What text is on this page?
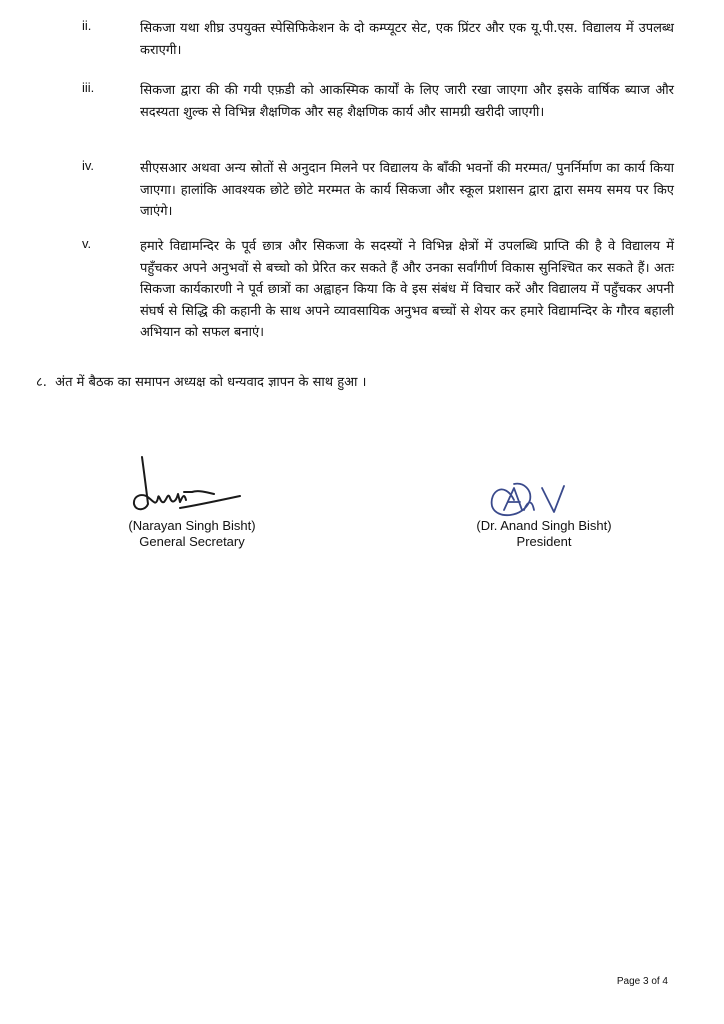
ii.	सिकजा यथा शीघ्र उपयुक्त स्पेसिफिकेशन के दो कम्प्यूटर सेट, एक प्रिंटर और एक यू.पी.एस. विद्यालय में उपलब्ध कराएगी।
iii.	सिकजा द्वारा की की गयी एफ़डी को आकस्मिक कार्यों के लिए जारी रखा जाएगा और इसके वार्षिक ब्याज और सदस्यता शुल्क से विभिन्न शैक्षणिक और सह शैक्षणिक कार्य और सामग्री खरीदी जाएगी।
iv.	सीएसआर अथवा अन्य स्रोतों से अनुदान मिलने पर विद्यालय के बाँकी भवनों की मरम्मत/ पुनर्निर्माण का कार्य किया जाएगा। हालांकि आवश्यक छोटे छोटे मरम्मत के कार्य सिकजा और स्कूल प्रशासन द्वारा द्वारा समय समय पर किए जाएंगे।
v.	हमारे विद्यामन्दिर के पूर्व छात्र और सिकजा के सदस्यों ने विभिन्न क्षेत्रों में उपलब्धि प्राप्ति की है वे विद्यालय में पहुँचकर अपने अनुभवों से बच्चो को प्रेरित कर सकते हैं और उनका सर्वांगीर्ण विकास सुनिश्चित कर सकते हैं। अतः सिकजा कार्यकारणी ने पूर्व छात्रों का अह्वाहन किया कि वे इस संबंध में विचार करें और विद्यालय में पहुँचकर अपनी संघर्ष से सिद्धि की कहानी के साथ अपने व्यावसायिक अनुभव बच्चों से शेयर कर हमारे विद्यामन्दिर के गौरव बहाली अभियान को सफल बनाएं।
८. अंत में बैठक का समापन अध्यक्ष को धन्यवाद ज्ञापन के साथ हुआ ।
(Narayan Singh Bisht)
General Secretary
(Dr. Anand Singh Bisht)
President
Page 3 of 4
